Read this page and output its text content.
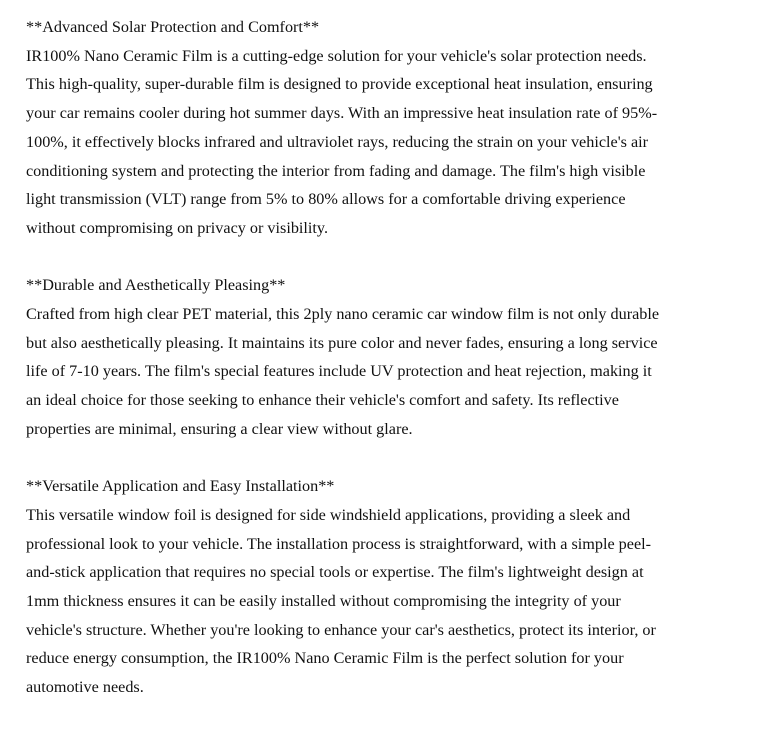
**Advanced Solar Protection and Comfort**

IR100% Nano Ceramic Film is a cutting-edge solution for your vehicle's solar protection needs.
This high-quality, super-durable film is designed to provide exceptional heat insulation, ensuring
your car remains cooler during hot summer days. With an impressive heat insulation rate of 95%-
100%, it effectively blocks infrared and ultraviolet rays, reducing the strain on your vehicle's air
conditioning system and protecting the interior from fading and damage. The film's high visible
light transmission (VLT) range from 5% to 80% allows for a comfortable driving experience
without compromising on privacy or visibility.

**Durable and Aesthetically Pleasing**

Crafted from high clear PET material, this 2ply nano ceramic car window film is not only durable
but also aesthetically pleasing. It maintains its pure color and never fades, ensuring a long service
life of 7-10 years. The film's special features include UV protection and heat rejection, making it
an ideal choice for those seeking to enhance their vehicle's comfort and safety. Its reflective
properties are minimal, ensuring a clear view without glare.

**Versatile Application and Easy Installation**

This versatile window foil is designed for side windshield applications, providing a sleek and
professional look to your vehicle. The installation process is straightforward, with a simple peel-
and-stick application that requires no special tools or expertise. The film's lightweight design at
1mm thickness ensures it can be easily installed without compromising the integrity of your
vehicle's structure. Whether you're looking to enhance your car's aesthetics, protect its interior, or
reduce energy consumption, the IR100% Nano Ceramic Film is the perfect solution for your
automotive needs.
